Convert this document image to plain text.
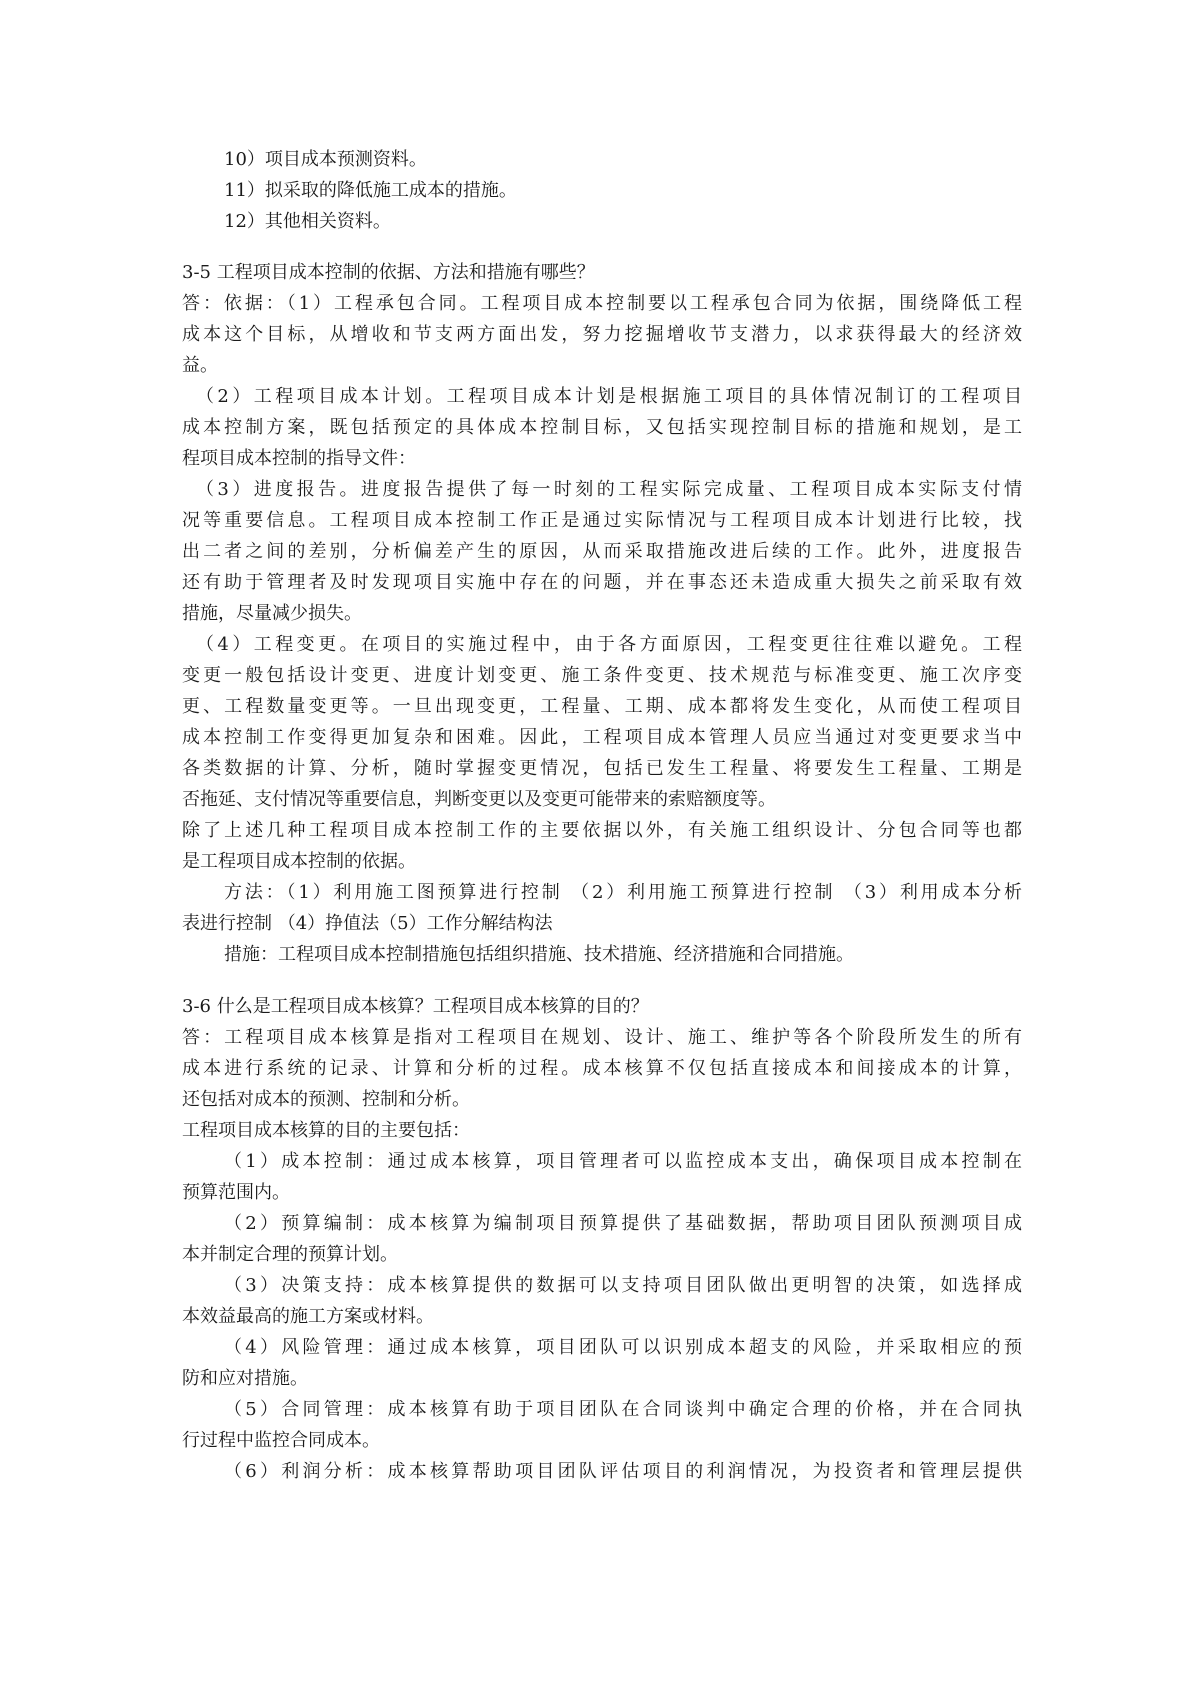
10）项目成本预测资料。
11）拟采取的降低施工成本的措施。
12）其他相关资料。
3-5 工程项目成本控制的依据、方法和措施有哪些？
答：依据：（1）工程承包合同。工程项目成本控制要以工程承包合同为依据，围绕降低工程
成本这个目标，从增收和节支两方面出发，努力挖掘增收节支潜力，以求获得最大的经济效
益。
（2）工程项目成本计划。工程项目成本计划是根据施工项目的具体情况制订的工程项目
成本控制方案，既包括预定的具体成本控制目标，又包括实现控制目标的措施和规划，是工
程项目成本控制的指导文件：
（3）进度报告。进度报告提供了每一时刻的工程实际完成量、工程项目成本实际支付情
况等重要信息。工程项目成本控制工作正是通过实际情况与工程项目成本计划进行比较，找
出二者之间的差别，分析偏差产生的原因，从而采取措施改进后续的工作。此外，进度报告
还有助于管理者及时发现项目实施中存在的问题，并在事态还未造成重大损失之前采取有效
措施，尽量减少损失。
（4）工程变更。在项目的实施过程中，由于各方面原因，工程变更往往难以避免。工程
变更一般包括设计变更、进度计划变更、施工条件变更、技术规范与标准变更、施工次序变
更、工程数量变更等。一旦出现变更，工程量、工期、成本都将发生变化，从而使工程项目
成本控制工作变得更加复杂和困难。因此，工程项目成本管理人员应当通过对变更要求当中
各类数据的计算、分析，随时掌握变更情况，包括已发生工程量、将要发生工程量、工期是
否拖延、支付情况等重要信息，判断变更以及变更可能带来的索赔额度等。
除了上述几种工程项目成本控制工作的主要依据以外，有关施工组织设计、分包合同等也都
是工程项目成本控制的依据。
方法：（1）利用施工图预算进行控制 （2）利用施工预算进行控制 （3）利用成本分析
表进行控制 （4）挣值法（5）工作分解结构法
措施：工程项目成本控制措施包括组织措施、技术措施、经济措施和合同措施。
3-6 什么是工程项目成本核算？工程项目成本核算的目的？
答：工程项目成本核算是指对工程项目在规划、设计、施工、维护等各个阶段所发生的所有
成本进行系统的记录、计算和分析的过程。成本核算不仅包括直接成本和间接成本的计算，
还包括对成本的预测、控制和分析。
工程项目成本核算的目的主要包括：
（1）成本控制：通过成本核算，项目管理者可以监控成本支出，确保项目成本控制在
预算范围内。
（2）预算编制：成本核算为编制项目预算提供了基础数据，帮助项目团队预测项目成
本并制定合理的预算计划。
（3）决策支持：成本核算提供的数据可以支持项目团队做出更明智的决策，如选择成
本效益最高的施工方案或材料。
（4）风险管理：通过成本核算，项目团队可以识别成本超支的风险，并采取相应的预
防和应对措施。
（5）合同管理：成本核算有助于项目团队在合同谈判中确定合理的价格，并在合同执
行过程中监控合同成本。
（6）利润分析：成本核算帮助项目团队评估项目的利润情况，为投资者和管理层提供
